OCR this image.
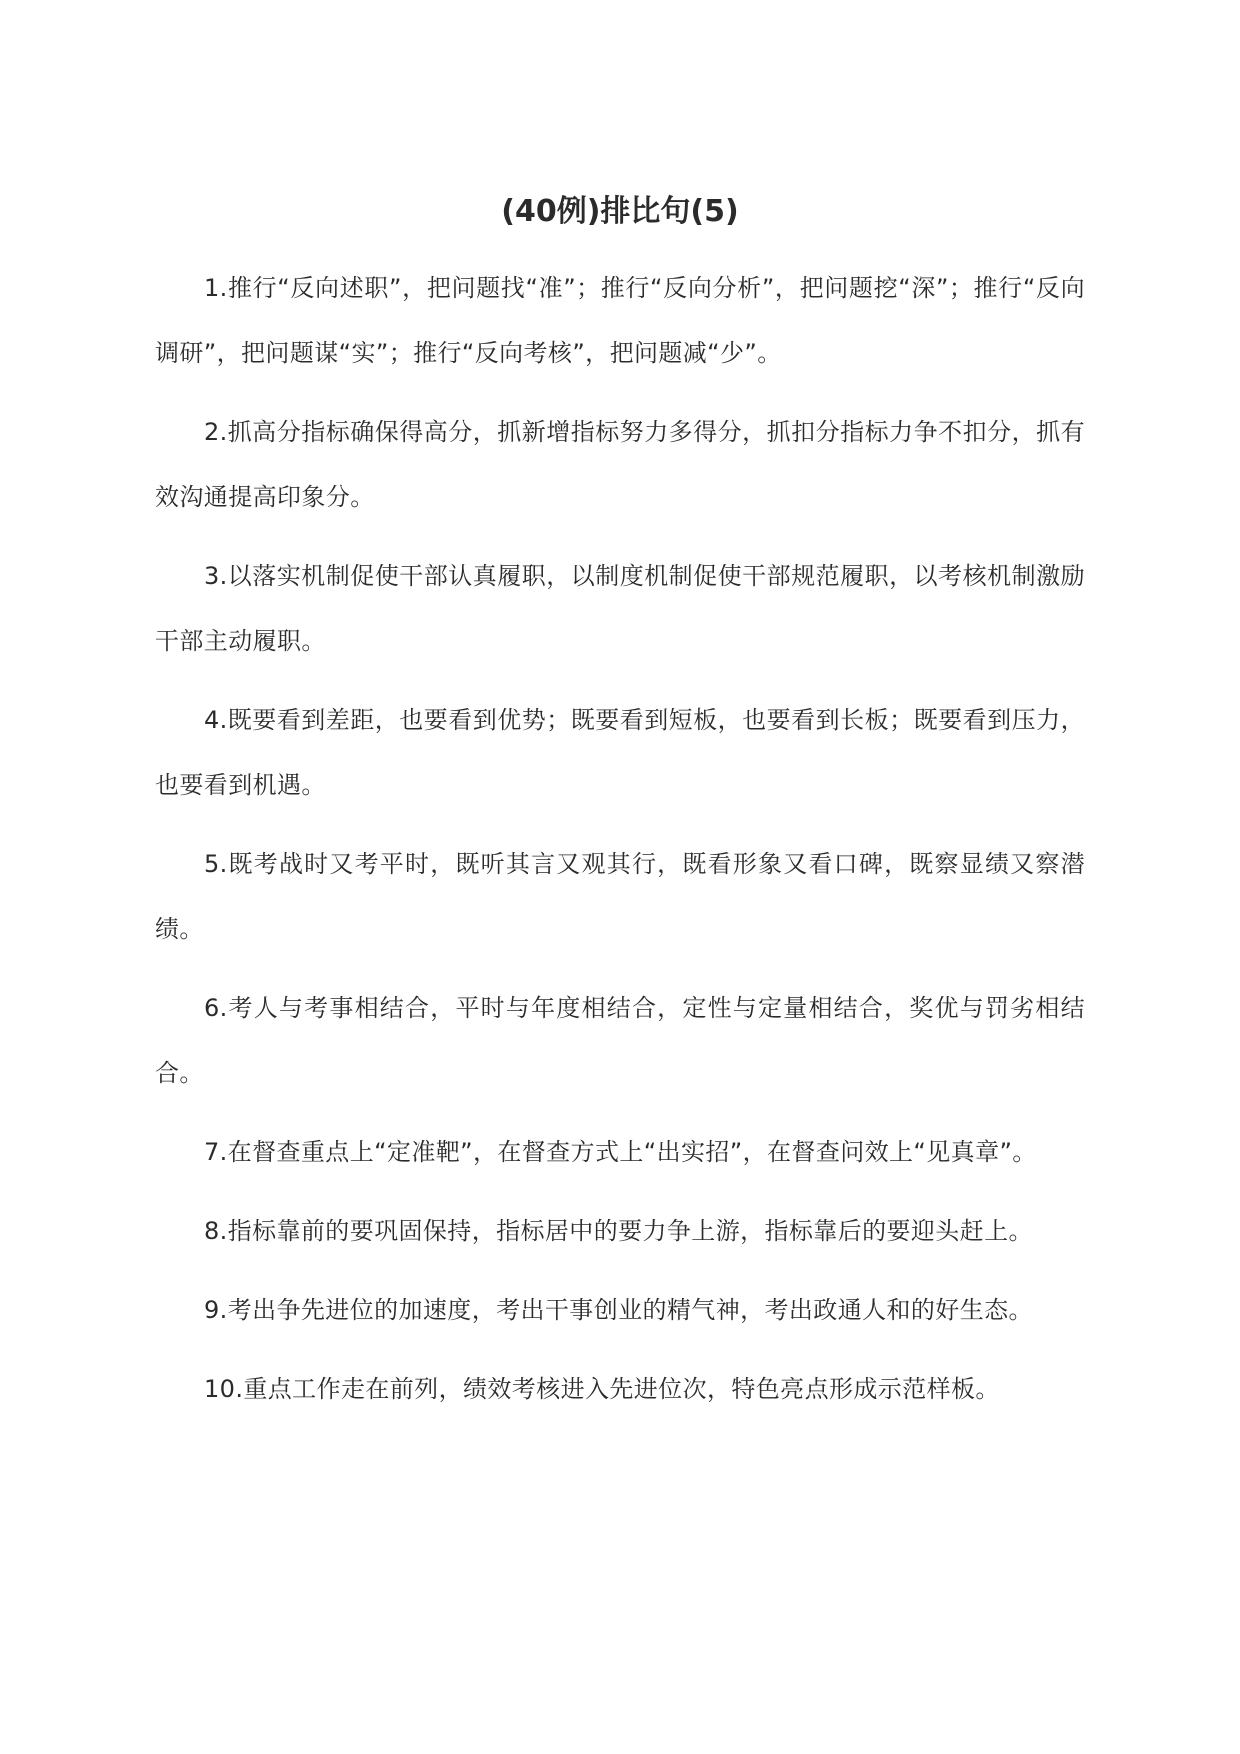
(40例)排比句(5)

1.推行“反向述职”，把问题找“准”；推行“反向分析”，把问题挖“深”；推行“反向调研”，把问题谋“实”；推行“反向考核”，把问题减“少”。

2.抓高分指标确保得高分，抓新增指标努力多得分，抓扣分指标力争不扣分，抓有效沟通提高印象分。

3.以落实机制促使干部认真履职，以制度机制促使干部规范履职，以考核机制激励干部主动履职。

4.既要看到差距，也要看到优势；既要看到短板，也要看到长板；既要看到压力，也要看到机遇。

5.既考战时又考平时，既听其言又观其行，既看形象又看口碑，既察显绩又察潜绩。

6.考人与考事相结合，平时与年度相结合，定性与定量相结合，奖优与罚劣相结合。

7.在督查重点上“定准靶”，在督查方式上“出实招”，在督查问效上“见真章”。

8.指标靠前的要巩固保持，指标居中的要力争上游，指标靠后的要迎头赶上。

9.考出争先进位的加速度，考出干事创业的精气神，考出政通人和的好生态。

10.重点工作走在前列，绩效考核进入先进位次，特色亮点形成示范样板。
